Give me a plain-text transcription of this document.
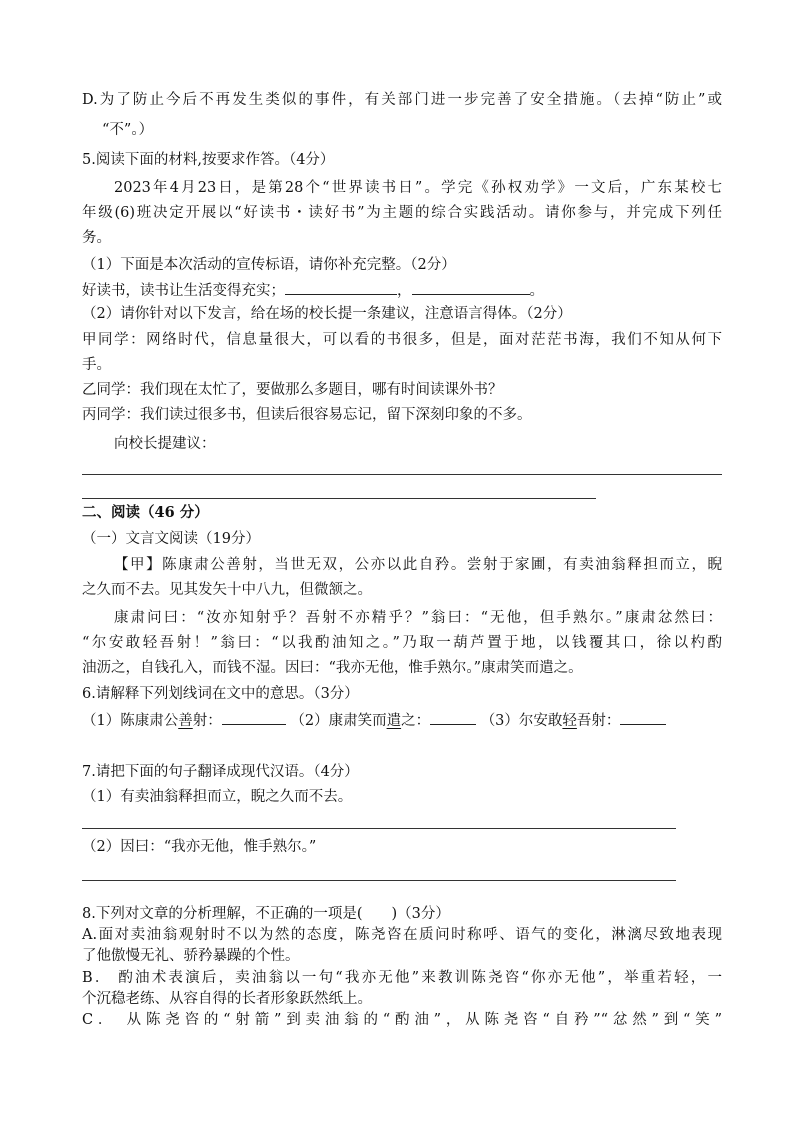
D.为了防止今后不再发生类似的事件，有关部门进一步完善了安全措施。（去掉“防止”或
“不”。）
5.阅读下面的材料,按要求作答。（4分）
2023年4月23日，是第28个“世界读书日”。学完《孙权劝学》一文后，广东某校七
年级(6)班决定开展以“好读书・读好书”为主题的综合实践活动。请你参与，并完成下列任
务。
（1）下面是本次活动的宣传标语，请你补充完整。（2分）
好读书，读书让生活变得充实；	，	。
（2）请你针对以下发言，给在场的校长提一条建议，注意语言得体。（2分）
甲同学：网络时代，信息量很大，可以看的书很多，但是，面对茫茫书海，我们不知从何下
手。
乙同学：我们现在太忙了，要做那么多题目，哪有时间读课外书？
丙同学：我们读过很多书，但读后很容易忘记，留下深刻印象的不多。
向校长提建议：
二、阅读（46 分）
（一）文言文阅读（19分）
【甲】陈康肃公善射，当世无双，公亦以此自矜。尝射于家圃，有卖油翁释担而立，睨
之久而不去。见其发矢十中八九，但微颔之。
康肃问曰：“汝亦知射乎？吾射不亦精乎？”翁曰：“无他，但手熟尔。”康肃忿然曰：
“尔安敢轻吾射！”翁曰：“以我酌油知之。”乃取一葫芦置于地，以钱覆其口，徐以杓酌
油沥之，自钱孔入，而钱不湿。因曰：“我亦无他，惟手熟尔。”康肃笑而遣之。
6.请解释下列划线词在文中的意思。（3分）
（1）陈康肃公善射：	（2）康肃笑而遣之：	（3）尔安敢轻吾射：
7.请把下面的句子翻译成现代汉语。（4分）
（1）有卖油翁释担而立，睨之久而不去。
（2）因曰：“我亦无他，惟手熟尔。”
8.下列对文章的分析理解，不正确的一项是(　　)（3分）
A.面对卖油翁观射时不以为然的态度，陈尧咨在质问时称呼、语气的变化，淋漓尽致地表现
了他傲慢无礼、骄矜暴躁的个性。
B． 酌油术表演后，卖油翁以一句“我亦无他”来教训陈尧咨“你亦无他”，举重若轻，一
个沉稳老练、从容自得的长者形象跃然纸上。
C． 从陈尧咨的“射箭”到卖油翁的“酌油”，从陈尧咨“自矜”“忿然”到“笑”
